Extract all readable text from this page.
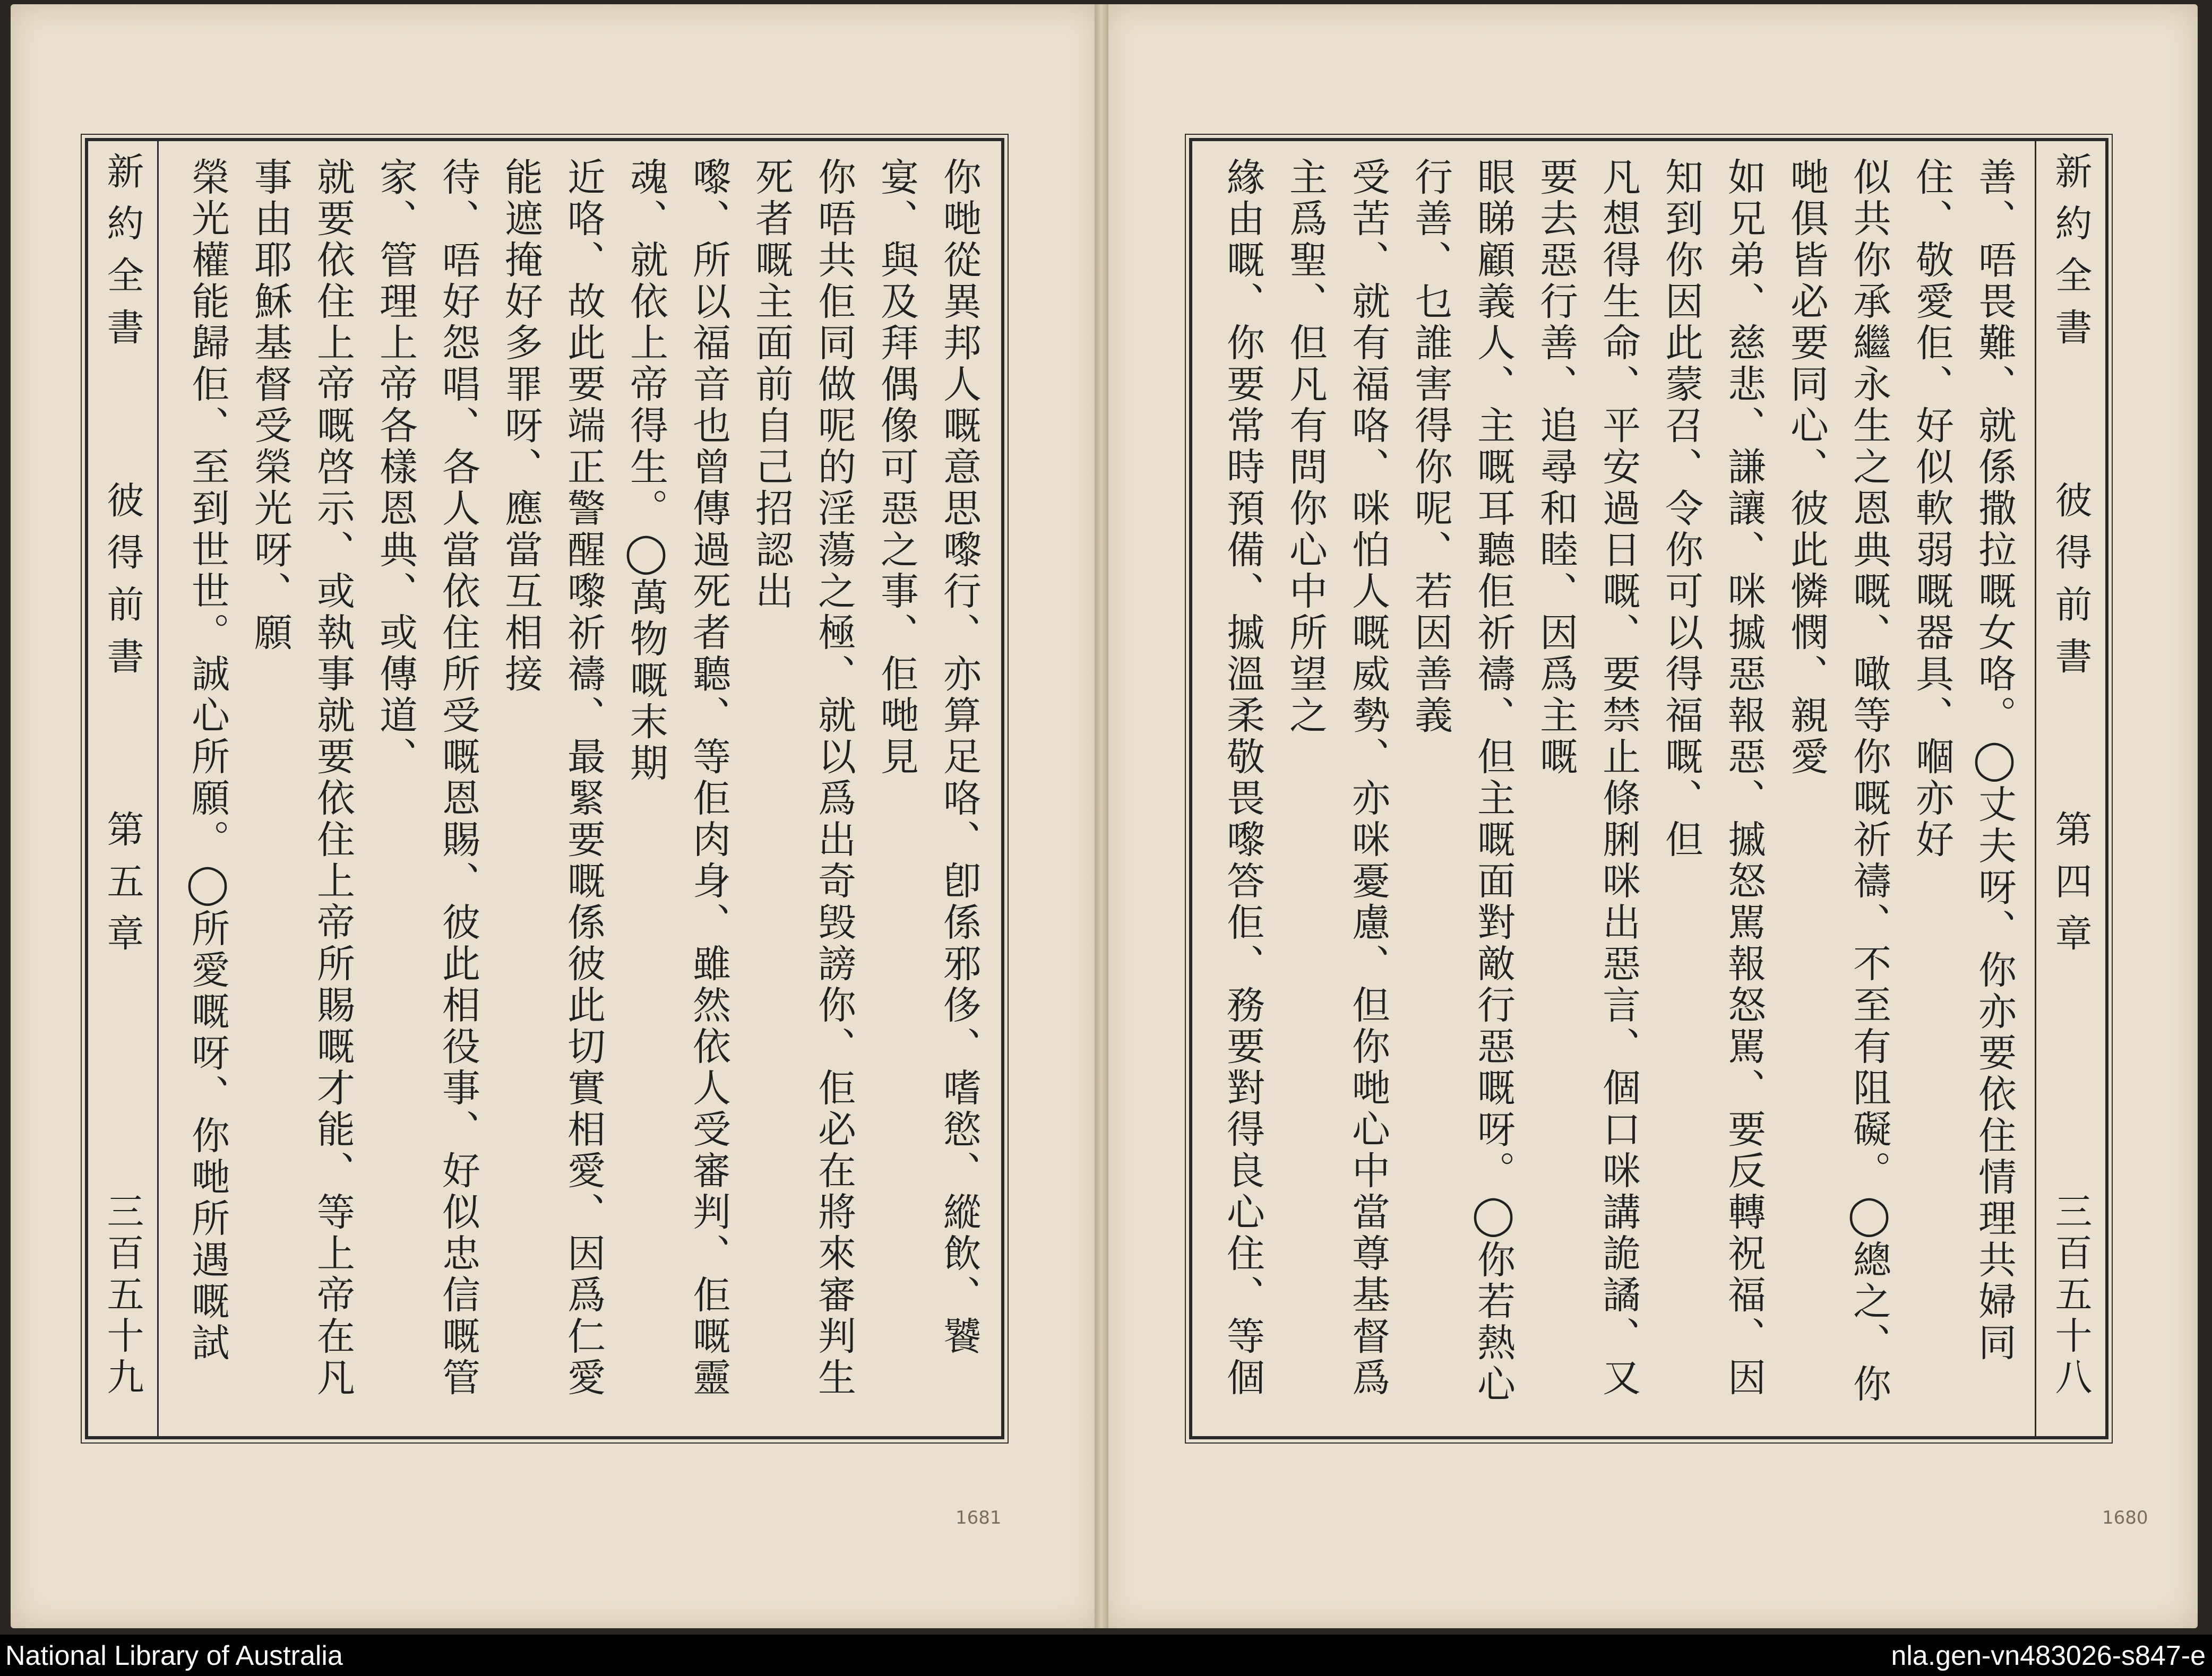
新約全書
彼得前書
第五章
三百五十九	你哋從異邦人嘅意思嚟行、亦算足咯、卽係邪侈、嗜慾、縱飲、饕宴、與及拜偶像可惡之事、佢哋見
你唔共佢同做呢的淫蕩之極、就以爲出奇毁謗你、佢必在將來審判生死者嘅主面前自己招認出
嚟、所以福音也曾傳過死者聽、等佢肉身、雖然依人受審判、佢嘅靈魂、就依上帝得生。◯萬物嘅末期
近咯、故此要端正警醒嚟祈禱、最緊要嘅係彼此切實相愛、因爲仁愛能遮掩好多罪呀、應當互相接
待、唔好怨唱、各人當依住所受嘅恩賜、彼此相役事、好似忠信嘅管家、管理上帝各樣恩典、或傳道、
就要依住上帝嘅啓示、或執事就要依住上帝所賜嘅才能、等上帝在凡事由耶穌基督受榮光呀、願
榮光權能歸佢、至到世世。誠心所願。◯所愛嘅呀、你哋所遇嘅試
新約全書
彼得前書
第四章
三百五十八
善、唔畏難、就係撒拉嘅女咯。◯丈夫呀、你亦要依住情理共婦同住、敬愛佢、好似軟弱嘅器具、嗰亦好
似共你承繼永生之恩典嘅、噉等你嘅祈禱、不至有阻礙。◯總之、你哋俱皆必要同心、彼此憐憫、親愛
如兄弟、慈悲、謙讓、咪摵惡報惡、摵怒駡報怒駡、要反轉祝福、因知到你因此蒙召、令你可以得福嘅、但
凡想得生命、平安過日嘅、要禁止條脷咪出惡言、個口咪講詭譎、又要去惡行善、追尋和睦、因爲主嘅
眼睇顧義人、主嘅耳聽佢祈禱、但主嘅面對敵行惡嘅呀。◯你若熱心行善、乜誰害得你呢、若因善義
受苦、就有福咯、咪怕人嘅威勢、亦咪憂慮、但你哋心中當尊基督爲主爲聖、但凡有問你心中所望之
緣由嘅、你要常時預備、摵溫柔敬畏嚟答佢、務要對得良心住、等個
1681	1680
National Library of Australia	nla.gen-vn483026-s847-e
